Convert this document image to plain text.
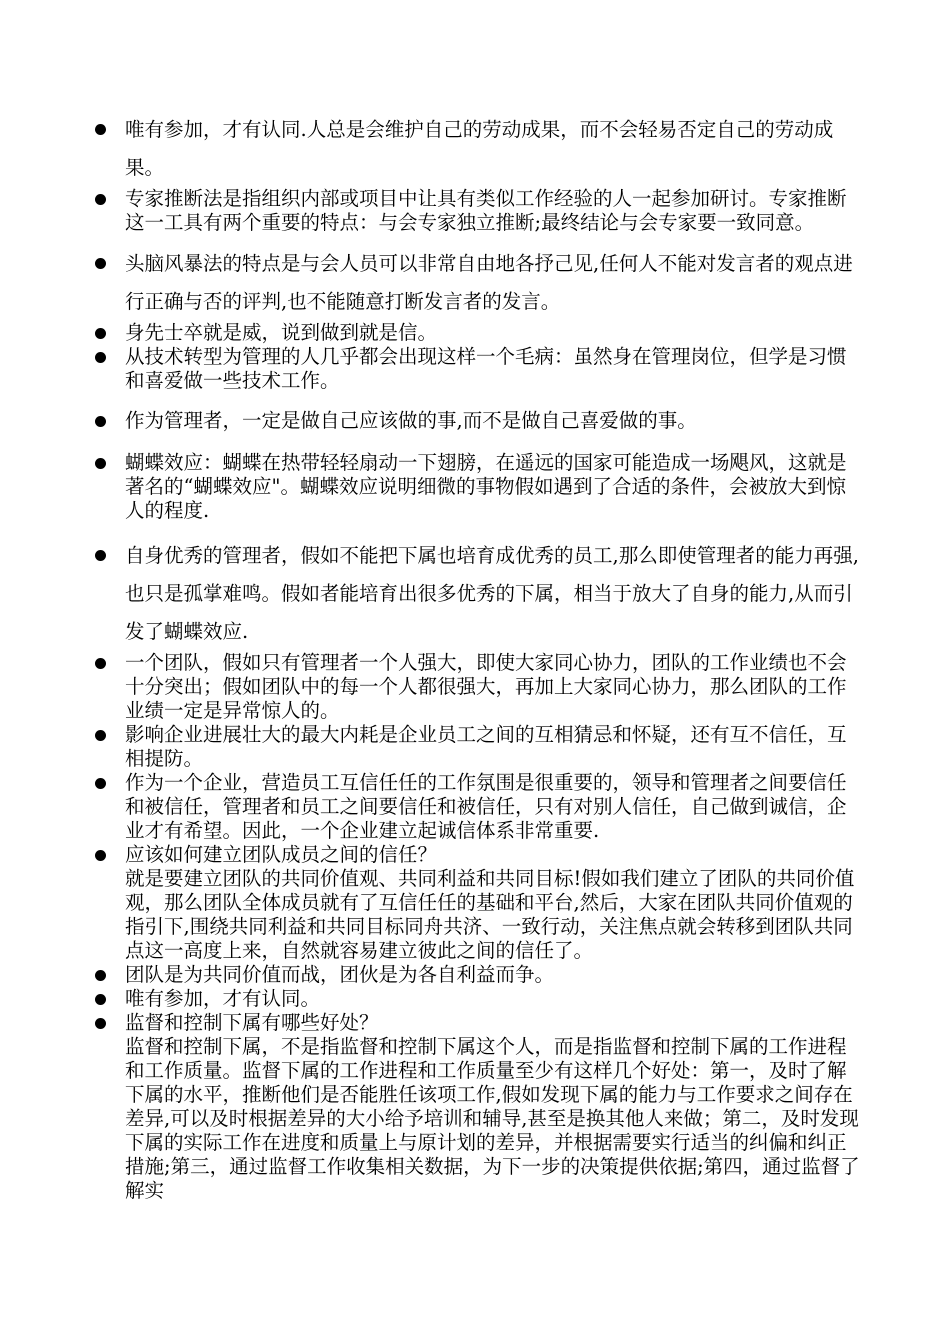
唯有参加，才有认同.人总是会维护自己的劳动成果，而不会轻易否定自己的劳动成果。

专家推断法是指组织内部或项目中让具有类似工作经验的人一起参加研讨。专家推断这一工具有两个重要的特点：与会专家独立推断;最终结论与会专家要一致同意。

头脑风暴法的特点是与会人员可以非常自由地各抒己见,任何人不能对发言者的观点进行正确与否的评判,也不能随意打断发言者的发言。

身先士卒就是威，说到做到就是信。

从技术转型为管理的人几乎都会出现这样一个毛病：虽然身在管理岗位，但学是习惯和喜爱做一些技术工作。

作为管理者，一定是做自己应该做的事,而不是做自己喜爱做的事。

蝴蝶效应：蝴蝶在热带轻轻扇动一下翅膀，在遥远的国家可能造成一场飓风，这就是著名的“蝴蝶效应"。蝴蝶效应说明细微的事物假如遇到了合适的条件，会被放大到惊人的程度.

自身优秀的管理者，假如不能把下属也培育成优秀的员工,那么即使管理者的能力再强,也只是孤掌难鸣。假如者能培育出很多优秀的下属，相当于放大了自身的能力,从而引发了蝴蝶效应.

一个团队，假如只有管理者一个人强大，即使大家同心协力，团队的工作业绩也不会十分突出；假如团队中的每一个人都很强大，再加上大家同心协力，那么团队的工作业绩一定是异常惊人的。

影响企业进展壮大的最大内耗是企业员工之间的互相猜忌和怀疑，还有互不信任，互相提防。

作为一个企业，营造员工互信任任的工作氛围是很重要的，领导和管理者之间要信任和被信任，管理者和员工之间要信任和被信任，只有对别人信任，自己做到诚信，企业才有希望。因此，一个企业建立起诚信体系非常重要.

应该如何建立团队成员之间的信任？

就是要建立团队的共同价值观、共同利益和共同目标!假如我们建立了团队的共同价值观，那么团队全体成员就有了互信任任的基础和平台,然后，大家在团队共同价值观的指引下,围绕共同利益和共同目标同舟共济、一致行动，关注焦点就会转移到团队共同点这一高度上来，自然就容易建立彼此之间的信任了。

团队是为共同价值而战，团伙是为各自利益而争。

唯有参加，才有认同。

监督和控制下属有哪些好处？

监督和控制下属，不是指监督和控制下属这个人，而是指监督和控制下属的工作进程和工作质量。监督下属的工作进程和工作质量至少有这样几个好处：第一，及时了解下属的水平，推断他们是否能胜任该项工作,假如发现下属的能力与工作要求之间存在差异,可以及时根据差异的大小给予培训和辅导,甚至是换其他人来做；第二，及时发现下属的实际工作在进度和质量上与原计划的差异，并根据需要实行适当的纠偏和纠正措施;第三，通过监督工作收集相关数据，为下一步的决策提供依据;第四，通过监督了解实
